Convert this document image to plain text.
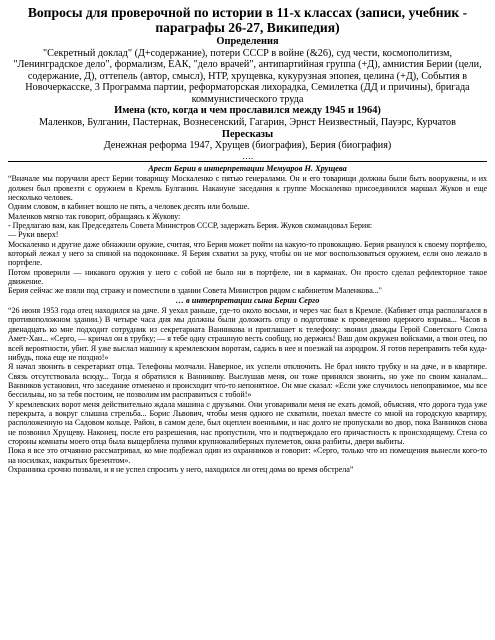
Вопросы для проверочной по истории в 11-х классах (записи, учебник - параграфы 26-27, Википедия)
Определения
"Секретный доклад" (Д+содержание), потери СССР в войне (&26), суд чести, космополитизм, "Ленинградское дело", формализм, ЕАК, "дело врачей", антипартийная группа (+Д), амнистия Берии (цели, содержание, Д), оттепель (автор, смысл), НТР, хрущевка, кукурузная эпопея, целина (+Д), События в Новочеркасске, 3 Программа партии, реформаторская лихорадка, Семилетка (ДД и причины), бригада коммунистического труда
Имена (кто, когда и чем прославился между 1945 и 1964)
Маленков, Булганин, Пастернак, Вознесенский, Гагарин, Эрнст Неизвестный, Пауэрс, Курчатов
Пересказы
Денежная реформа 1947, Хрущев (биография), Берия (биография)
….
Арест Берии в интерпретации Мемуаров Н. Хрущева
“Вначале мы поручили арест Берии товарищу Москаленко с пятью генералами. Он и его товарищи должны были быть вооружены, и их должен был провезти с оружием в Кремль Булганин. Накануне заседания к группе Москаленко присоединился маршал Жуков и еще несколько человек.
Одним словом, в кабинет вошло не пять, а человек десять или больше.
Маленков мягко так говорит, обращаясь к Жукову:
- Предлагаю вам, как Председатель Совета Министров СССР, задержать Берия. Жуков скомандовал Берия:
— Руки вверх!
Москаленко и другие даже обнажили оружие, считая, что Берия может пойти на какую-то провокацию. Берия рванулся к своему портфелю, который лежал у него за спиной на подоконнике. Я Берия схватил за руку, чтобы он не мог воспользоваться оружием, если оно лежало в портфеле.
Потом проверили — никакого оружия у него с собой не было ни в портфеле, ни в карманах. Он просто сделал рефлекторное такое движение.
Берия сейчас же взяли под стражу и поместили в здании Совета Министров рядом с кабинетом Маленкова..."
… в интерпретации сына Берии Серго
“26 июня 1953 года отец находился на даче. Я уехал раньше, где-то около восьми, и через час был в Кремле. (Кабинет отца располагался в противоположном здании.) В четыре часа дня мы должны были доложить отцу о подготовке к проведению ядерного взрыва... Часов в двенадцать ко мне подходит сотрудник из секретариата Ванникова и приглашает к телефону: звонил дважды Герой Советского Союза Амет-Хан... «Серго, — кричал он в трубку; — я тебе одну страшную весть сообщу, но держись! Ваш дом окружен войсками, а твои отец, по всей вероятности, убит. Я уже выслал машину к кремлевским воротам, садись в нее и поезжай на аэродром. Я готов переправить тебя куда-нибудь, пока еще не поздно!»
Я начал звонить в секретариат отца. Телефоны молчали. Наверное, их успели отключить. Не брал никто трубку и на даче, и в квартире. Связь отсутствовала всюду... Тогда я обратился к Ванникову. Выслушав меня, он тоже принялся звонить, но уже по своим каналам... Ванников установил, что заседание отменено и происходит что-то непонятное. Он мне сказал: «Если уже случилось непоправимое, мы все бессильны, но за тебя постоим, не позволим им расправиться с тобой!»
У кремлевских ворот меня действительно ждала машина с друзьями. Они уговаривали меня не ехать домой, объясняя, что дорога туда уже перекрыта, а вокруг слышна стрельба... Борис Львович, чтобы меня одного не схватили, поехал вместе со мной на городскую квартиру, расположенную на Садовом кольце. Район, в самом деле, был оцеплен военными, и нас долго не пропускали во двор, пока Ванников снова не позвонил Хрущеву. Наконец, после его разрешения, нас пропустили, что и подтверждало его причастность к происходящему. Стена со стороны комнаты моего отца была выщерблена пулями крупнокалиберных пулеметов, окна разбиты, двери выбиты.
Пока я все это отчаянно рассматривал, ко мне подбежал один из охранников и говорит: «Серго, только что из помещения вынесли кого-то на носилках, накрытых брезентом».
Охранника срочно позвали, и я не успел спросить у него, находился ли отец дома во время обстрела”
